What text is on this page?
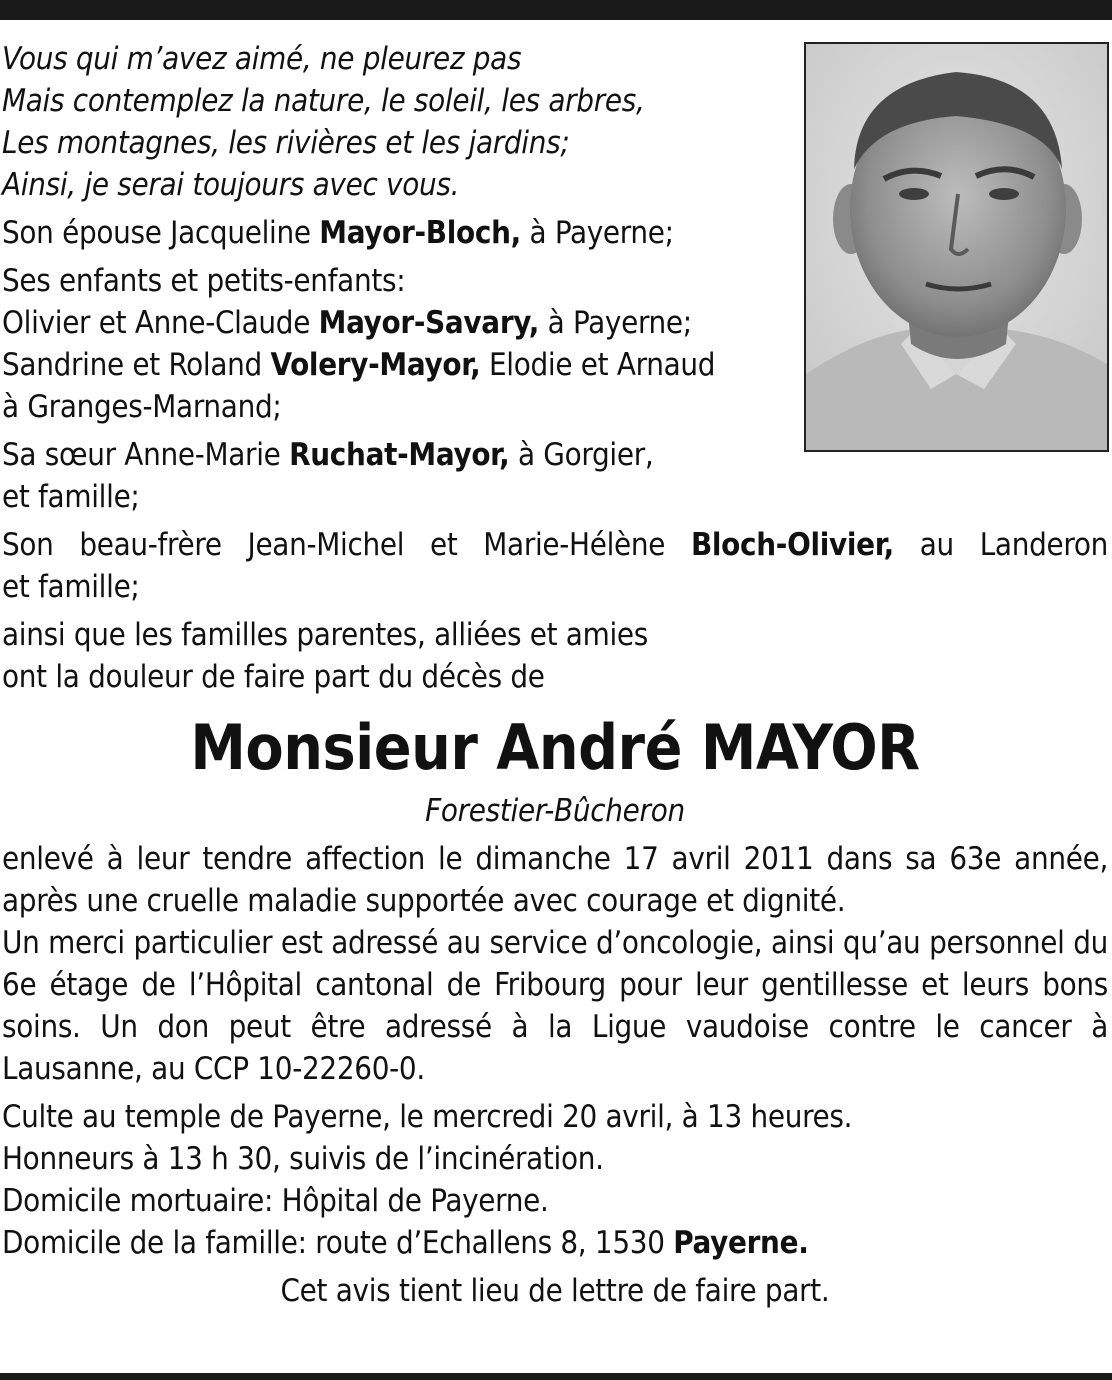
Vous qui m’avez aimé, ne pleurez pas
Mais contemplez la nature, le soleil, les arbres,
Les montagnes, les rivières et les jardins;
Ainsi, je serai toujours avec vous.
Son épouse Jacqueline Mayor-Bloch, à Payerne;
Ses enfants et petits-enfants:
Olivier et Anne-Claude Mayor-Savary, à Payerne;
Sandrine et Roland Volery-Mayor, Elodie et Arnaud
à Granges-Marnand;
Sa sœur Anne-Marie Ruchat-Mayor, à Gorgier,
et famille;
Son beau-frère Jean-Michel et Marie-Hélène Bloch-Olivier, au Landeron
et famille;
ainsi que les familles parentes, alliées et amies
ont la douleur de faire part du décès de
Monsieur André MAYOR
Forestier-Bûcheron
enlevé à leur tendre affection le dimanche 17 avril 2011 dans sa 63e année, après une cruelle maladie supportée avec courage et dignité.
Un merci particulier est adressé au service d’oncologie, ainsi qu’au personnel du 6e étage de l’Hôpital cantonal de Fribourg pour leur gentillesse et leurs bons soins. Un don peut être adressé à la Ligue vaudoise contre le cancer à Lausanne, au CCP 10-22260-0.
Culte au temple de Payerne, le mercredi 20 avril, à 13 heures.
Honneurs à 13 h 30, suivis de l’incinération.
Domicile mortuaire: Hôpital de Payerne.
Domicile de la famille: route d’Echallens 8, 1530 Payerne.
Cet avis tient lieu de lettre de faire part.
